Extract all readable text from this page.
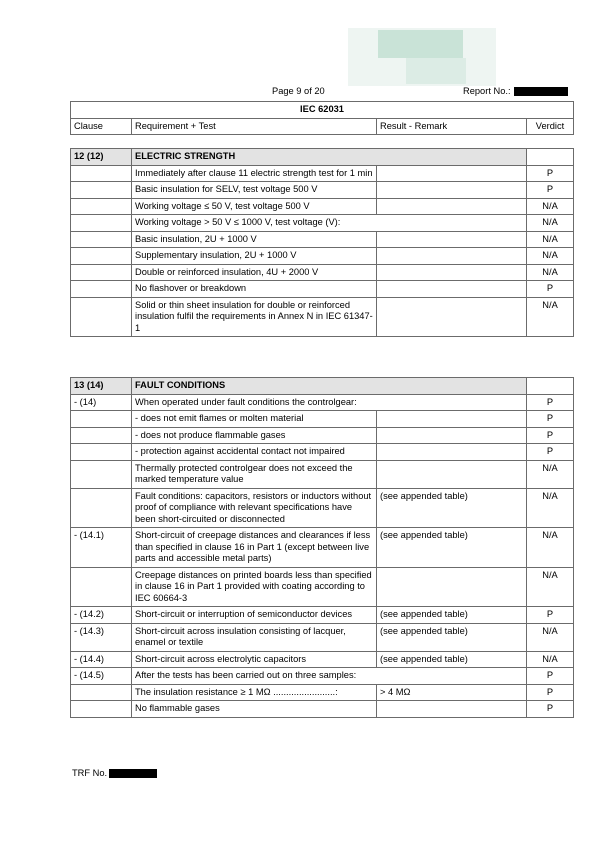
Page 9 of 20	Report No.:
IEC 62031
Clause	Requirement + Test	Result - Remark	Verdict
12 (12)	ELECTRIC STRENGTH		
	Immediately after clause 11 electric strength test for 1 min		P
	Basic insulation for SELV, test voltage 500 V		P
	Working voltage ≤ 50 V, test voltage 500 V		N/A
	Working voltage > 50 V ≤ 1000 V, test voltage (V):		N/A
	Basic insulation, 2U + 1000 V		N/A
	Supplementary insulation, 2U + 1000 V		N/A
	Double or reinforced insulation, 4U + 2000 V		N/A
	No flashover or breakdown		P
	Solid or thin sheet insulation for double or reinforced insulation fulfil the requirements in Annex N in IEC 61347-1		N/A
13 (14)	FAULT CONDITIONS		
- (14)	When operated under fault conditions the controlgear:		P
	- does not emit flames or molten material		P
	- does not produce flammable gases		P
	- protection against accidental contact not impaired		P
	Thermally protected controlgear does not exceed the marked temperature value		N/A
	Fault conditions: capacitors, resistors or inductors without proof of compliance with relevant specifications have been short-circuited or disconnected	(see appended table)	N/A
- (14.1)	Short-circuit of creepage distances and clearances if less than specified in clause 16 in Part 1 (except between live parts and accessible metal parts)	(see appended table)	N/A
	Creepage distances on printed boards less than specified in clause 16 in Part 1 provided with coating according to IEC 60664-3		N/A
- (14.2)	Short-circuit or interruption of semiconductor devices	(see appended table)	P
- (14.3)	Short-circuit across insulation consisting of lacquer, enamel or textile	(see appended table)	N/A
- (14.4)	Short-circuit across electrolytic capacitors	(see appended table)	N/A
- (14.5)	After the tests has been carried out on three samples:		P
	The insulation resistance ≥ 1 MΩ ........................:	> 4 MΩ	P
	No flammable gases		P
TRF No.
